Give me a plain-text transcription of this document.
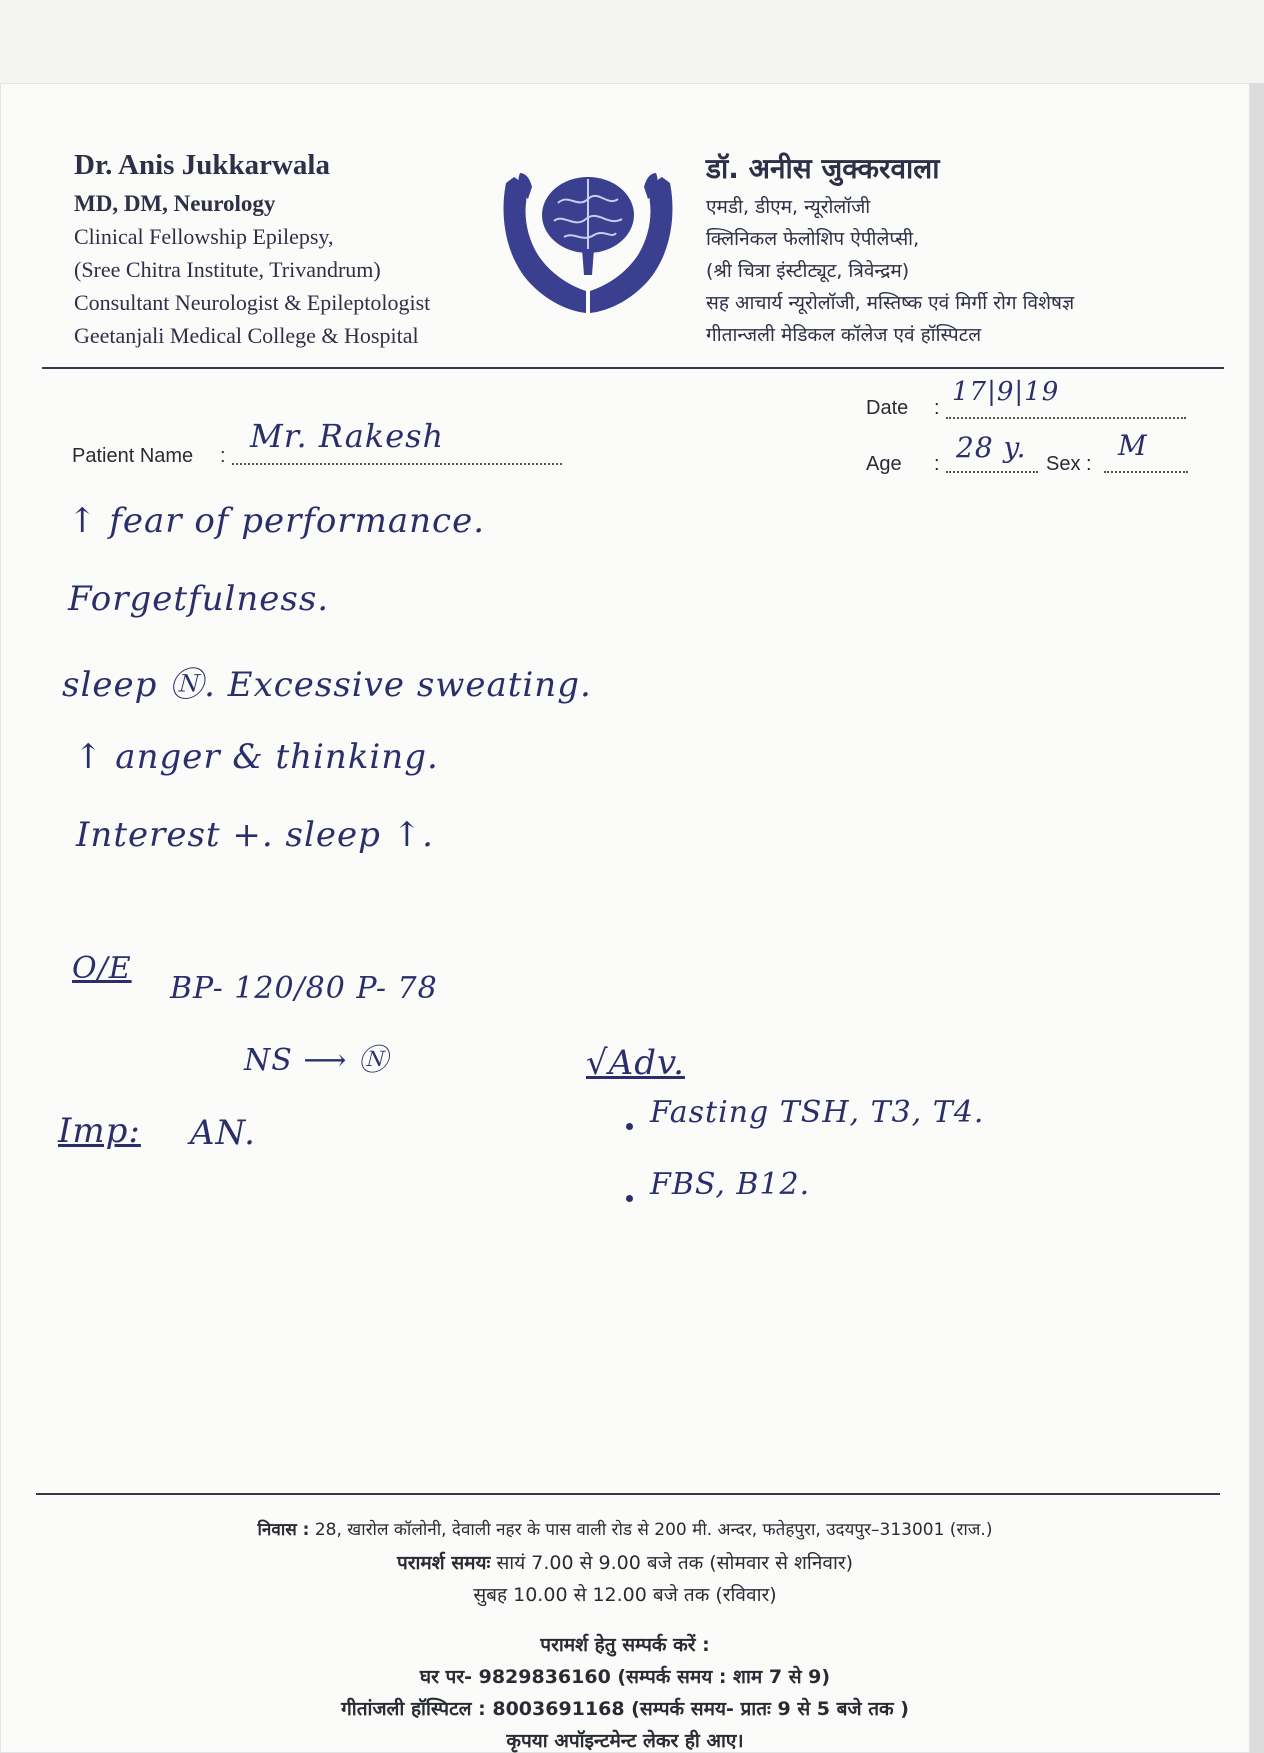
Dr. Anis Jukkarwala
MD, DM, Neurology
Clinical Fellowship Epilepsy,
(Sree Chitra Institute, Trivandrum)
Consultant Neurologist & Epileptologist
Geetanjali Medical College & Hospital
डॉ. अनीस जुक्करवाला
एमडी, डीएम, न्यूरोलॉजी
क्लिनिकल फेलोशिप ऐपीलेप्सी,
(श्री चित्रा इंस्टीट्यूट, त्रिवेन्द्रम)
सह आचार्य न्यूरोलॉजी, मस्तिष्क एवं मिर्गी रोग विशेषज्ञ
गीतान्जली मेडिकल कॉलेज एवं हॉस्पिटल
Date :
17|9|19
Patient Name :
Mr. Rakesh
Age : 28 y. Sex :
M
↑ fear of performance.
Forgetfulness.
sleep Ⓝ. Excessive sweating.
↑ anger & thinking.
Interest +. sleep ↑.
O/E
BP- 120/80 P- 78
NS ⟶ Ⓝ
Imp: AN.
√Adv.
Fasting TSH, T3, T4.
FBS, B12.
निवास : 28, खारोल कॉलोनी, देवाली नहर के पास वाली रोड से 200 मी. अन्दर, फतेहपुरा, उदयपुर–313001 (राज.)
परामर्श समयः सायं 7.00 से 9.00 बजे तक (सोमवार से शनिवार)
सुबह 10.00 से 12.00 बजे तक (रविवार)
परामर्श हेतु सम्पर्क करें :
घर पर- 9829836160 (सम्पर्क समय : शाम 7 से 9)
गीतांजली हॉस्पिटल : 8003691168 (सम्पर्क समय- प्रातः 9 से 5 बजे तक )
कृपया अपॉइन्टमेन्ट लेकर ही आए।
